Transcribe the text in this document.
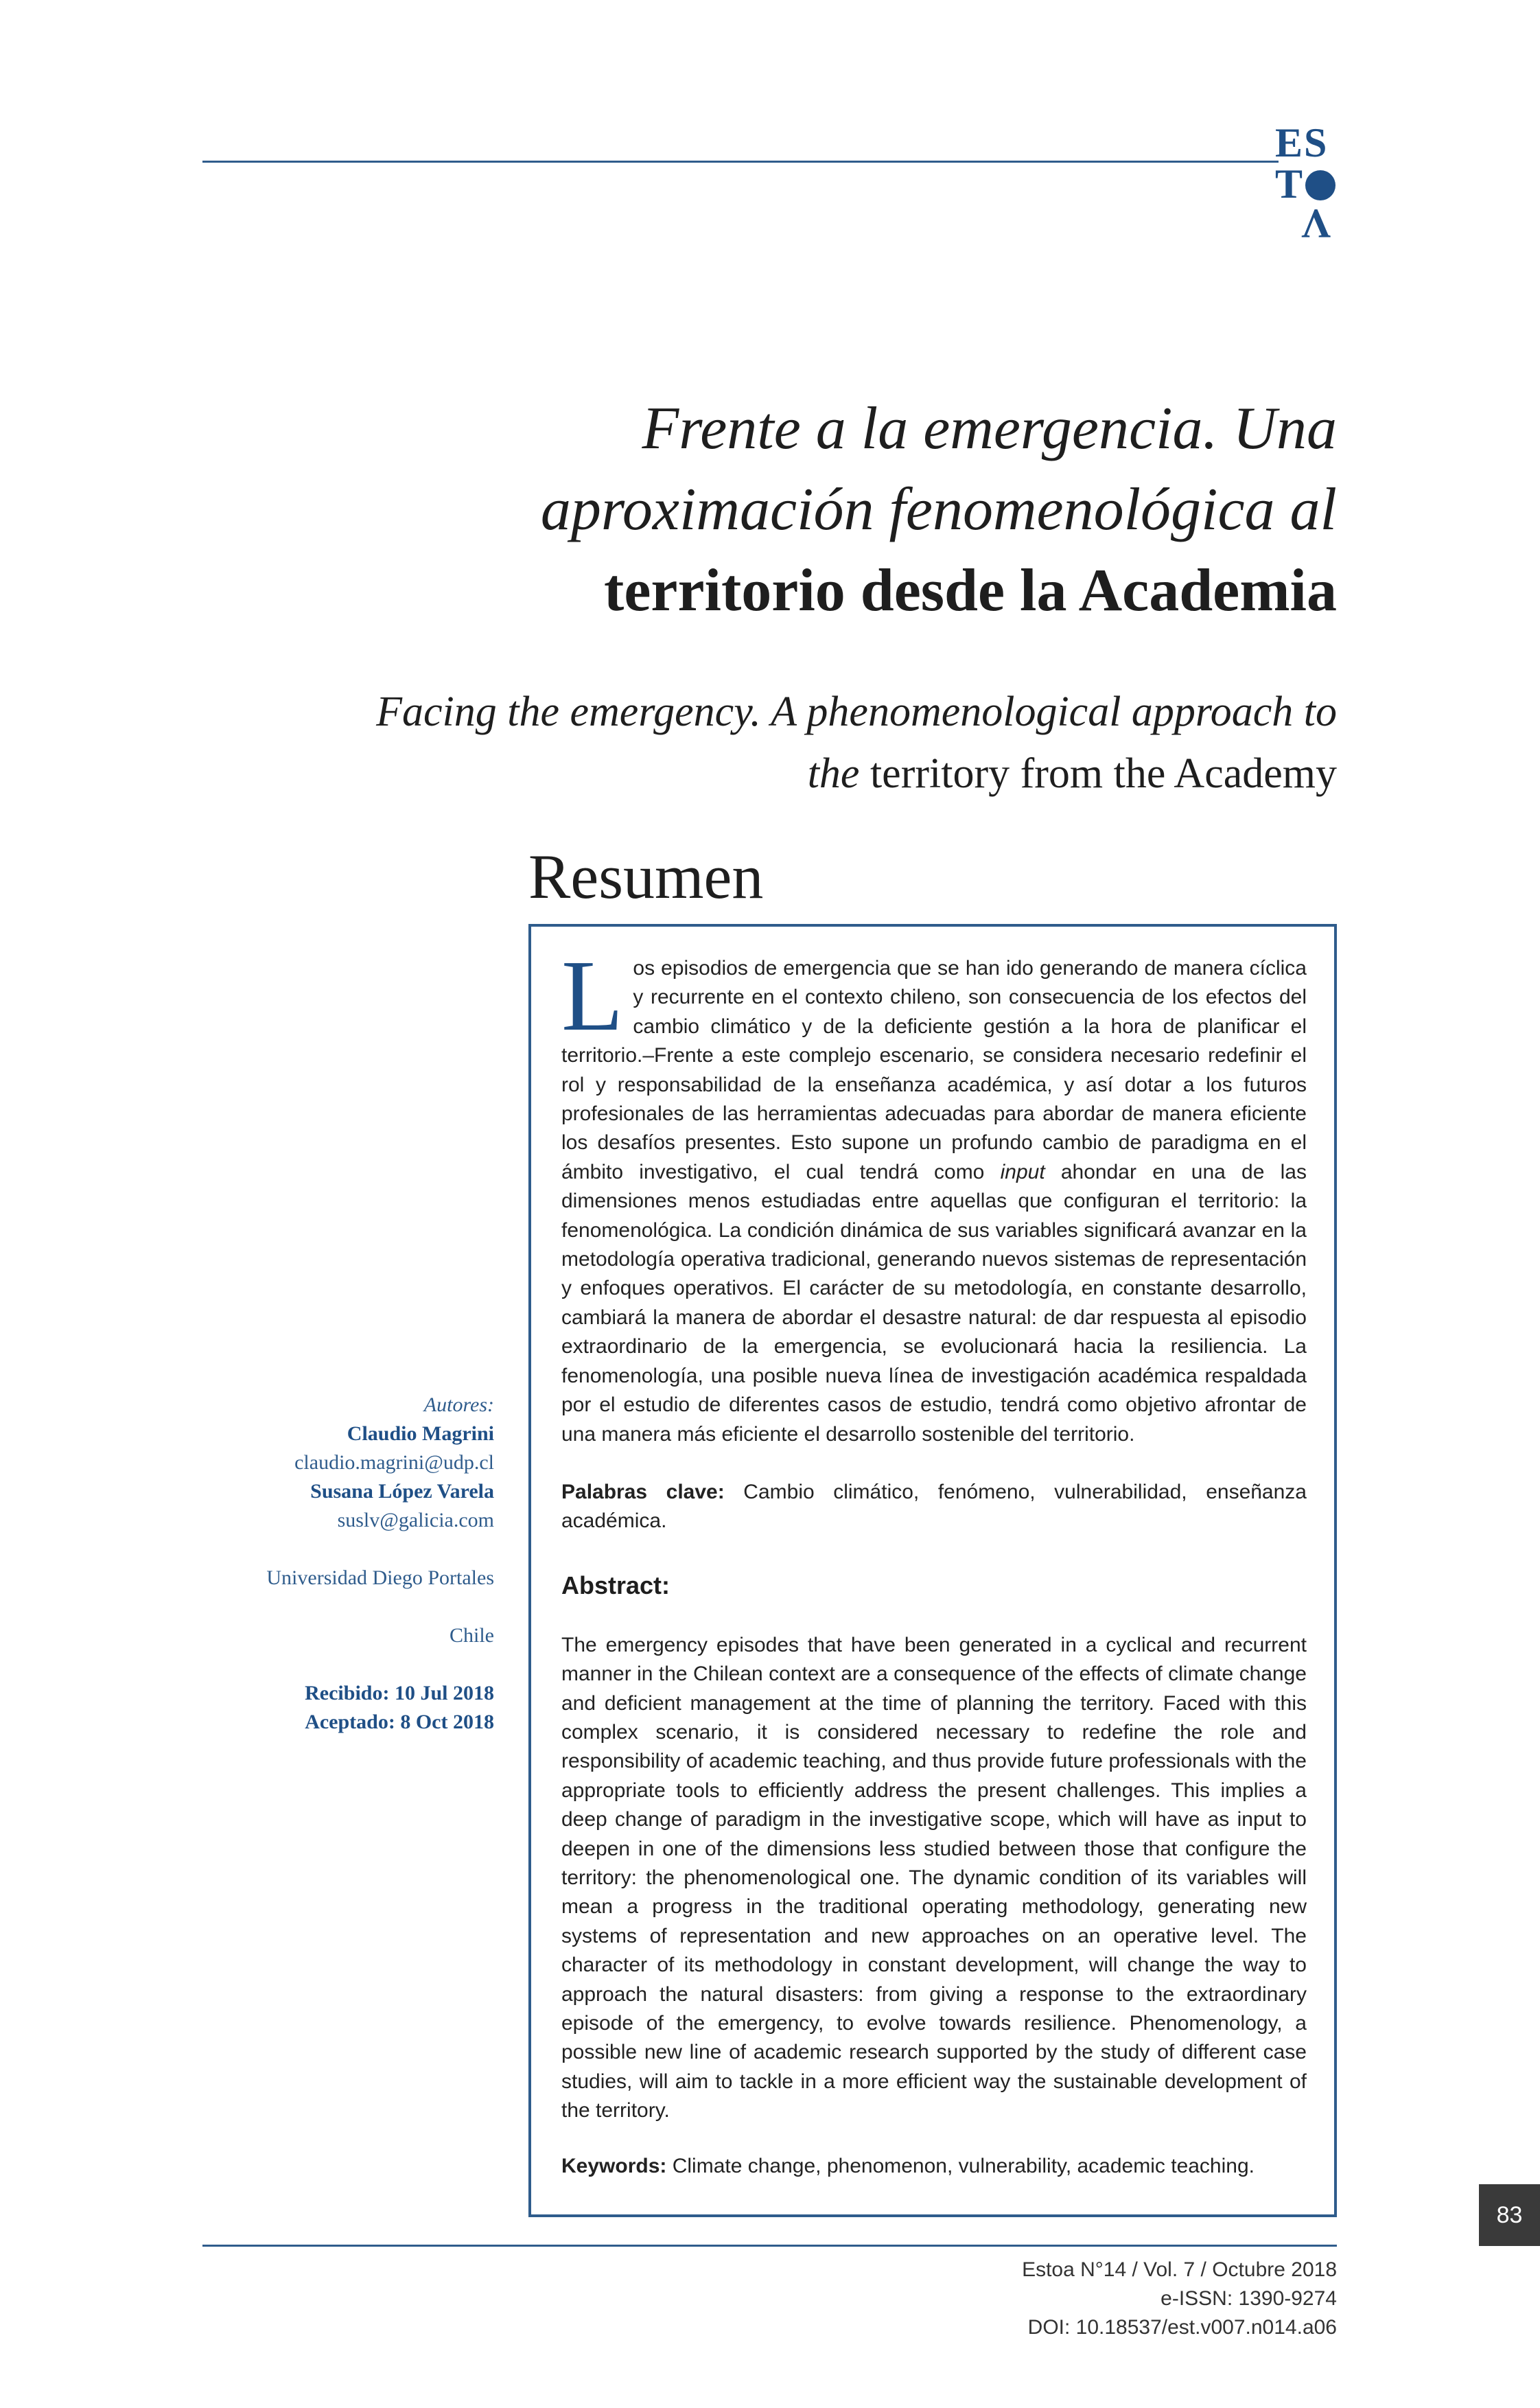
ES
T
V
Frente a la emergencia. Una
aproximación fenomenológica al
territorio desde la Academia
Facing the emergency. A phenomenological approach to
the territory from the Academy
Resumen

Los episodios de emergencia que se han ido generando de manera cíclica y recurrente en el contexto chileno, son consecuencia de los efectos del cambio climático y de la deficiente gestión a la hora de planificar el territorio.–Frente a este complejo escenario, se considera necesario redefinir el rol y responsabilidad de la enseñanza académica, y así dotar a los futuros profesionales de las herramientas adecuadas para abordar de manera eficiente los desafíos presentes. Esto supone un profundo cambio de paradigma en el ámbito investigativo, el cual tendrá como input ahondar en una de las dimensiones menos estudiadas entre aquellas que configuran el territorio: la fenomenológica. La condición dinámica de sus variables significará avanzar en la metodología operativa tradicional, generando nuevos sistemas de representación y enfoques operativos. El carácter de su metodología, en constante desarrollo, cambiará la manera de abordar el desastre natural: de dar respuesta al episodio extraordinario de la emergencia, se evolucionará hacia la resiliencia. La fenomenología, una posible nueva línea de investigación académica respaldada por el estudio de diferentes casos de estudio, tendrá como objetivo afrontar de una manera más eficiente el desarrollo sostenible del territorio.

Palabras clave: Cambio climático, fenómeno, vulnerabilidad, enseñanza académica.

Abstract:

The emergency episodes that have been generated in a cyclical and recurrent manner in the Chilean context are a consequence of the effects of climate change and deficient management at the time of planning the territory. Faced with this complex scenario, it is considered necessary to redefine the role and responsibility of academic teaching, and thus provide future professionals with the appropriate tools to efficiently address the present challenges. This implies a deep change of paradigm in the investigative scope, which will have as input to deepen in one of the dimensions less studied between those that configure the territory: the phenomenological one. The dynamic condition of its variables will mean a progress in the traditional operating methodology, generating new systems of representation and new approaches on an operative level. The character of its methodology in constant development, will change the way to approach the natural disasters: from giving a response to the extraordinary episode of the emergency, to evolve towards resilience. Phenomenology, a possible new line of academic research supported by the study of different case studies, will aim to tackle in a more efficient way the sustainable development of the territory.

Keywords: Climate change, phenomenon, vulnerability, academic teaching.

Autores:
Claudio Magrini
claudio.magrini@udp.cl
Susana López Varela
suslv@galicia.com
Universidad Diego Portales
Chile
Recibido: 10 Jul 2018
Aceptado: 8 Oct 2018
83
Estoa N°14 / Vol. 7 / Octubre 2018
e-ISSN: 1390-9274
DOI: 10.18537/est.v007.n014.a06
